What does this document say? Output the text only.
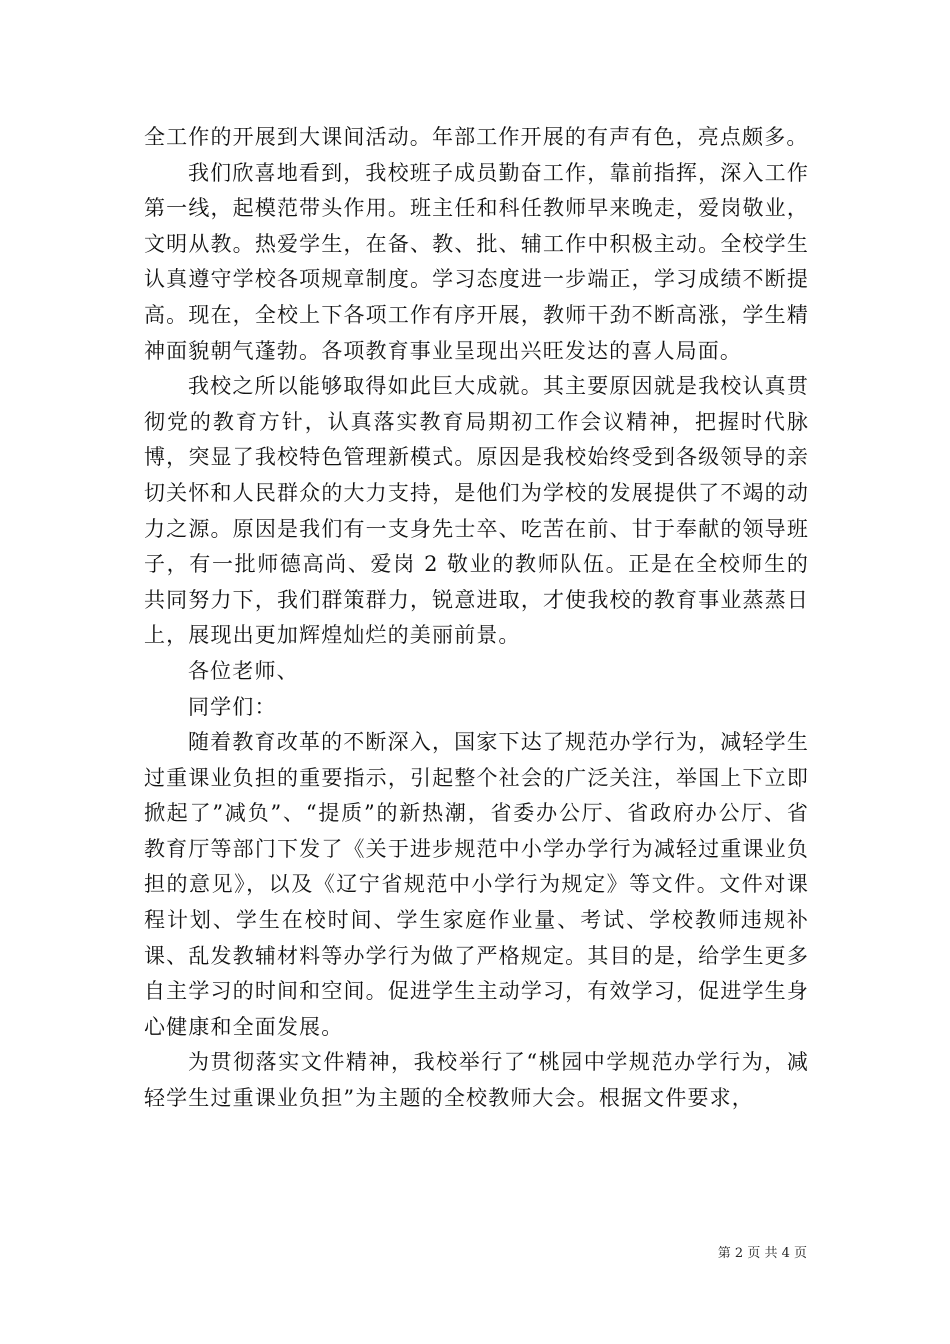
全工作的开展到大课间活动。年部工作开展的有声有色，亮点颇多。

我们欣喜地看到，我校班子成员勤奋工作，靠前指挥，深入工作第一线，起模范带头作用。班主任和科任教师早来晚走，爱岗敬业，文明从教。热爱学生，在备、教、批、辅工作中积极主动。全校学生认真遵守学校各项规章制度。学习态度进一步端正，学习成绩不断提高。现在，全校上下各项工作有序开展，教师干劲不断高涨，学生精神面貌朝气蓬勃。各项教育事业呈现出兴旺发达的喜人局面。

我校之所以能够取得如此巨大成就。其主要原因就是我校认真贯彻党的教育方针，认真落实教育局期初工作会议精神，把握时代脉博，突显了我校特色管理新模式。原因是我校始终受到各级领导的亲切关怀和人民群众的大力支持，是他们为学校的发展提供了不竭的动力之源。原因是我们有一支身先士卒、吃苦在前、甘于奉献的领导班子，有一批师德高尚、爱岗 2 敬业的教师队伍。正是在全校师生的共同努力下，我们群策群力，锐意进取，才使我校的教育事业蒸蒸日上，展现出更加辉煌灿烂的美丽前景。

各位老师、

同学们：

随着教育改革的不断深入，国家下达了规范办学行为，减轻学生过重课业负担的重要指示，引起整个社会的广泛关注，举国上下立即掀起了”减负”、“提质”的新热潮，省委办公厅、省政府办公厅、省教育厅等部门下发了《关于进步规范中小学办学行为减轻过重课业负担的意见》，以及《辽宁省规范中小学行为规定》等文件。文件对课程计划、学生在校时间、学生家庭作业量、考试、学校教师违规补课、乱发教辅材料等办学行为做了严格规定。其目的是，给学生更多自主学习的时间和空间。促进学生主动学习，有效学习，促进学生身心健康和全面发展。

为贯彻落实文件精神，我校举行了“桃园中学规范办学行为，减轻学生过重课业负担”为主题的全校教师大会。根据文件要求，

第 2 页 共 4 页
